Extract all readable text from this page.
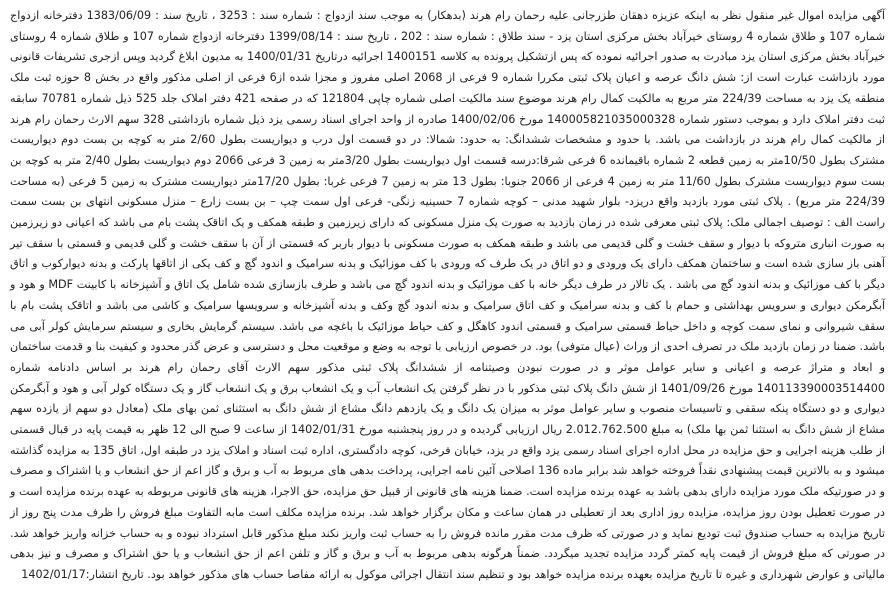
آگهی مزایده اموال غیر منقول نظر به اینکه عزیزه دهقان طزرجانی علیه رحمان رام هرند (بدهکار) به موجب سند ازدواج : شماره سند : 3253 ، تاریخ سند : 1383/06/09 دفترخانه ازدواج شماره 107 و طلاق شماره 4 روستای خیرآباد بخش مرکزی استان یزد - سند طلاق : شماره سند : 202 ، تاریخ سند : 1399/08/14 دفترخانه ازدواج شماره 107 و طلاق شماره 4 روستای خیرآباد بخش مرکزی استان یزد مبادرت به صدور اجرائیه نموده که پس ازتشکیل پرونده به کلاسه 1400151 اجرائیه درتاریخ 1400/01/31 به مدیون ابلاغ گردید وپس ازجری تشریفات قانونی مورد بازداشت عبارت است از: شش دانگ عرصه و اعیان پلاک ثبتی مکررا شماره 9 فرعی از 2068 اصلی مفروز و مجزا شده از6 فرعی از اصلی مذکور واقع در بخش 8 حوزه ثبت ملک منطقه یک یزد به مساحت 224/39 متر مربع به مالکیت کمال رام هرند موضوع سند مالکیت اصلی شماره چاپی 121804 که در صفحه 421 دفتر املاک جلد 525 ذیل شماره 70781 سابقه ثبت دفتر املاک دارد و بموجب دستور شماره 140005821035000328 مورخ 1400/02/06 صادره از واحد اجرای اسناد رسمی یزد ذیل شماره بازداشتی 328 سهم الارث رحمان رام هرند از مالکیت کمال رام هرند در بازداشت می باشد. با حدود و مشخصات ششدانگ: به حدود: شمالا: در دو قسمت اول درب و دیواریست بطول 2/60 متر به کوچه بن بست دوم دیواریست مشترک بطول 10/50متر به زمین قطعه 2 شماره باقیمانده 6 فرعی شرقا:درسه قسمت اول دیواریست بطول 3/20متر به زمین 3 فرعی 2066 دوم دیواریست بطول 2/40 متر به کوچه بن بست سوم دیواریست مشترک بطول 11/60 متر به زمین 4 فرعی از 2066 جنوبا: بطول 13 متر به زمین 7 فرعی غربا: بطول 17/20متر دیواریست مشترک به زمین 5 فرعی (به مساحت 224/39 متر مربع) . پلاک ثبتی مورد بازدید واقع دریزد- بلوار شهید مدنی – کوچه شماره 7 حسینیه زنگی- فرعی اول سمت چپ – بن بست زارع – منزل مسکونی انتهای بن بست سمت راست الف : توصیف اجمالی ملک: پلاک ثبتی معرفی شده در زمان بازدید به صورت یک منزل مسکونی که دارای زیرزمین و طبقه همکف و یک اتاقک پشت بام می باشد که اعیانی دو زیرزمین به صورت انباری متروکه با دیوار و سقف خشت و گلی قدیمی می باشد و طبقه همکف به صورت مسکونی با دیوار باربر که قسمتی از آن با سقف خشت و گلی قدیمی و قسمتی با سقف تیر آهنی باز سازی شده است و ساختمان همکف دارای یک ورودی و دو اتاق در یک طرف که ورودی با کف موزائیک و بدنه سرامیک و اندود گچ و کف یکی از اتاقها پارکت و بدنه دیوارکوب و اتاق دیگر با کف موزائیک و بدنه اندود گچ می باشد . یک تالار در طرف دیگر خانه با کف موزائیک و بدنه اندود گچ می باشد و طرف بازسازی شده شامل یک اتاق و آشپزخانه با کابینت MDF و هود و آبگرمکن دیواری و سرویس بهداشتی و حمام با کف و بدنه سرامیک و کف اتاق سرامیک و بدنه اندود گچ وکف و بدنه آشپزخانه و سرویسها سرامیک و کاشی می باشد و اتاقک پشت بام با سقف شیروانی و نمای سمت کوچه و داخل حیاط قسمتی سرامیک و قسمتی اندود کاهگل و کف حیاط موزائیک با باغچه می باشد. سیستم گرمایش بخاری و سیستم سرمایش کولر آبی می باشد. ضمنا در زمان بازدید ملک در تصرف احدی از وراث (عیال متوفی) بود. در خصوص ارزیابی با توجه به وضع و موقعیت محل و دسترسی و عرض گذر محدود و کیفیت بنا و قدمت ساختمان و ابعاد و متراژ عرصه و اعیانی و سایر عوامل موثر و در صورت نبودن وصیتنامه از ششدانگ پلاک ثبتی مذکور سهم الارث آقای رحمان رام هرند بر اساس دادنامه شماره 140113390003514400 مورخ 1401/09/26 از شش دانگ پلاک ثبتی مذکور با در نظر گرفتن یک انشعاب آب و یک انشعاب برق و یک انشعاب گاز و یک دستگاه کولر آبی و هود و آبگرمکن دیواری و دو دستگاه پنکه سقفی و تاسیسات منصوب و سایر عوامل موثر به میزان یک دانگ و یک یازدهم دانگ مشاع از شش دانگ به استثنای ثمن بهای ملک (معادل دو سهم از یازده سهم مشاع از شش دانگ به استثنا ثمن بها ملک) به مبلغ 2.012.762.500 ریال ارزیابی گردیده و در روز پنجشنبه مورخ 1402/01/31 از ساعت 9 صبح الی 12 ظهر به قیمت پایه در قبال قسمتی از طلب هزینه اجرایی و حق مزایده در محل اداره اجرای اسناد رسمی یزد واقع در یزد، خیابان فرخی، کوچه دادگستری، اداره ثبت اسناد و املاک یزد در طبقه اول، اتاق 135 به مزایده گذاشته میشود و به بالاترین قیمت پیشنهادی نقداً فروخته خواهد شد برابر ماده 136 اصلاحی آئین نامه اجرایی، پرداخت بدهی های مربوط به آب و برق و گاز اعم از حق انشعاب و یا اشتراک و مصرف و در صورتیکه ملک مورد مزایده دارای بدهی باشد به عهده برنده مزایده است. ضمنا هزینه های قانونی از قبیل حق مزایده، حق الاجرا، هزینه های قانونی مربوطه به عهده برنده مزایده است و در صورت تعطیل بودن روز مزایده، مزایده روز اداری بعد از تعطیلی در همان ساعت و مکان برگزار خواهد شد. برنده مزایده مکلف است مابه التفاوت مبلغ فروش را ظرف مدت پنج روز از تاریخ مزایده به حساب صندوق ثبت تودیع نماید و در صورتی که ظرف مدت مقرر مانده فروش را به حساب ثبت واریز نکند مبلغ مذکور قابل استرداد نبوده و به حساب خزانه واریز خواهد شد. در صورتی که مبلغ فروش از قیمت پایه کمتر گردد مزایده تجدید میگردد. ضمناً هرگونه بدهی مربوط به آب و برق و گاز و تلفن اعم از حق انشعاب و یا حق اشتراک و مصرف و نیز بدهی مالیاتی و عوارض شهرداری و غیره تا تاریخ مزایده بعهده برنده مزایده خواهد بود و تنظیم سند انتقال اجرائی موکول به ارائه مفاصا حساب های مذکور خواهد بود. تاریخ انتشار:1402/01/17
